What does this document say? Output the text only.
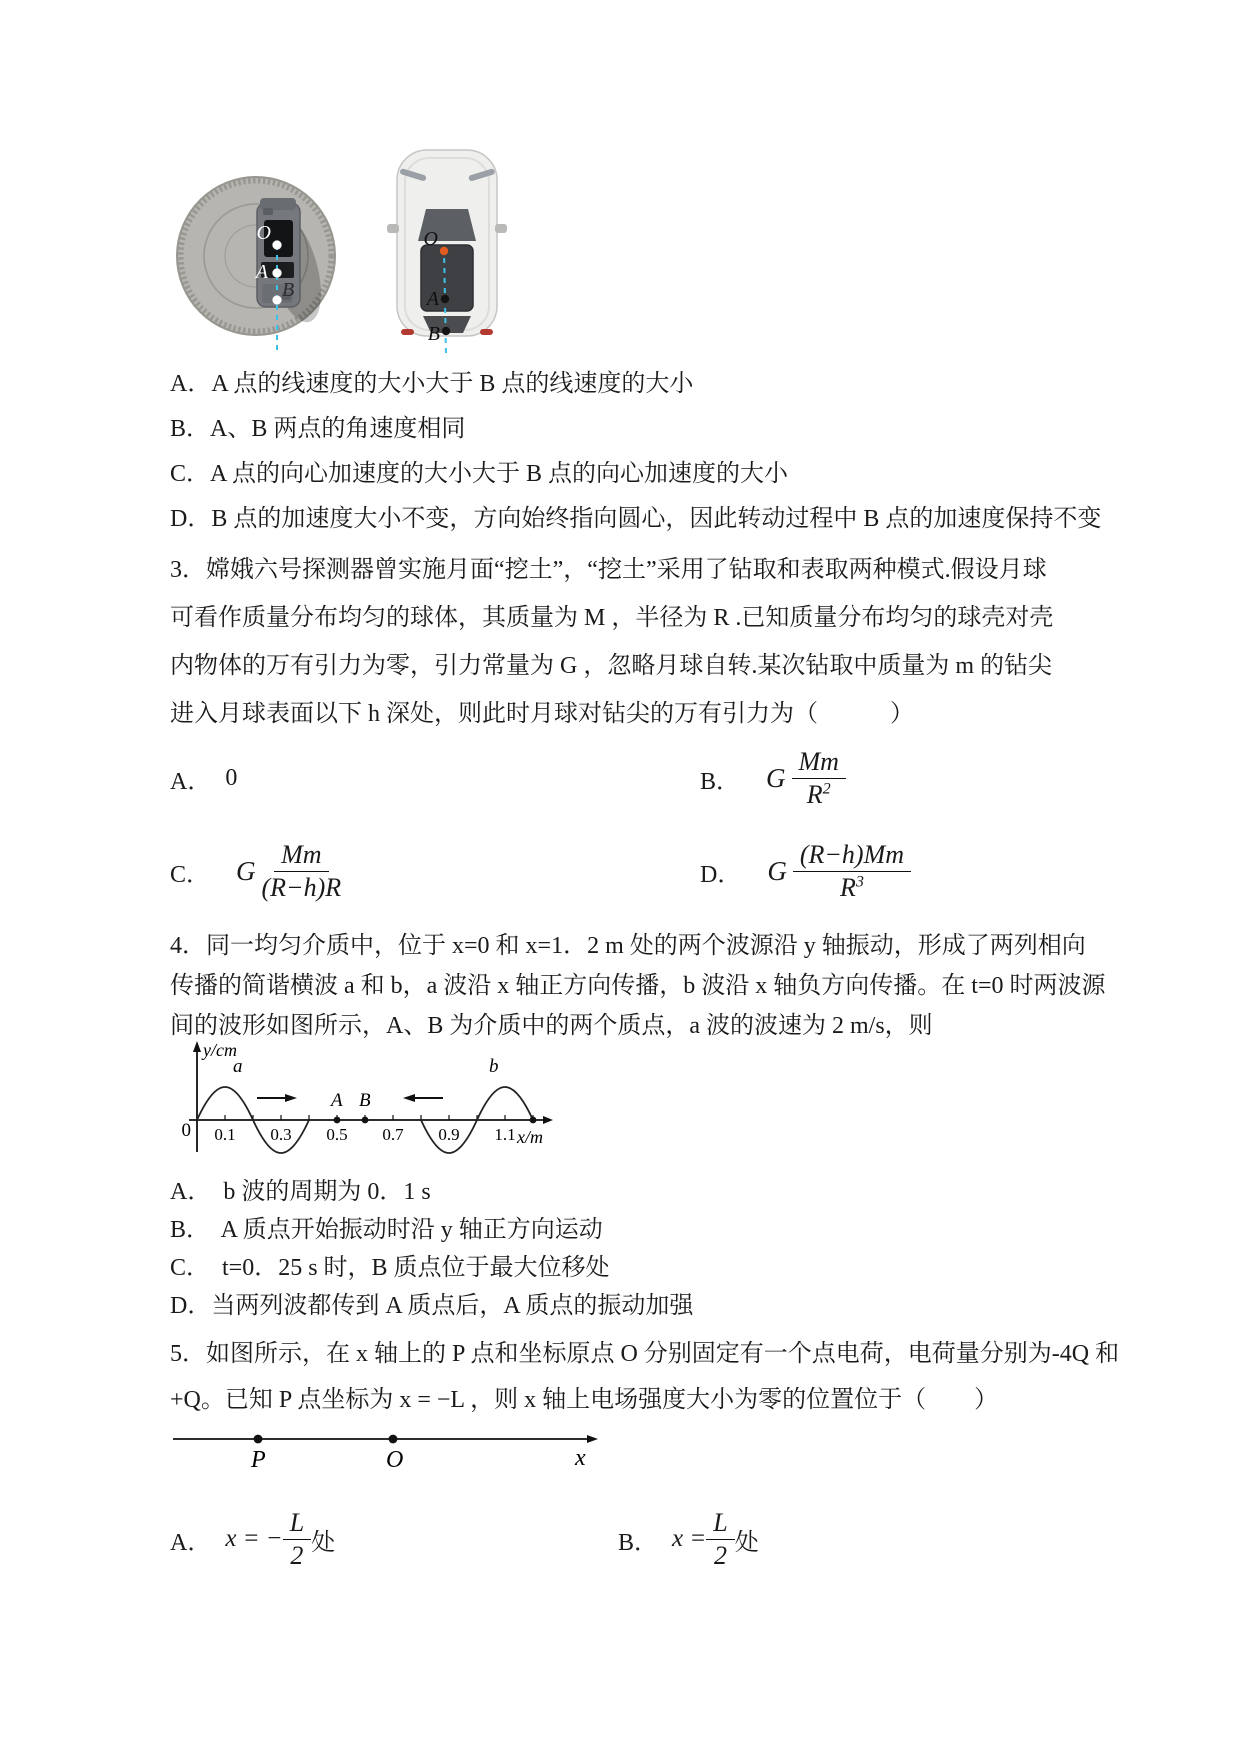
O
A
B
O
A
B
A．A 点的线速度的大小大于 B 点的线速度的大小
B．A、B 两点的角速度相同
C．A 点的向心加速度的大小大于 B 点的向心加速度的大小
D．B 点的加速度大小不变，方向始终指向圆心，因此转动过程中 B 点的加速度保持不变
3．嫦娥六号探测器曾实施月面“挖土”，“挖土”采用了钻取和表取两种模式.假设月球
可看作质量分布均匀的球体，其质量为 M ，半径为 R .已知质量分布均匀的球壳对壳
内物体的万有引力为零，引力常量为 G ，忽略月球自转.某次钻取中质量为 m 的钻尖
进入月球表面以下 h 深处，则此时月球对钻尖的万有引力为（　　　）
A． 0	B． G $\frac{Mm}{R^2}$
C． G $\frac{Mm}{(R-h)R}$	D． G $\frac{(R-h)Mm}{R^3}$
4．同一均匀介质中，位于 x=0 和 x=1．2 m 处的两个波源沿 y 轴振动，形成了两列相向
传播的简谐横波 a 和 b，a 波沿 x 轴正方向传播，b 波沿 x 轴负方向传播。在 t=0 时两波源
间的波形如图所示，A、B 为介质中的两个质点，a 波的波速为 2 m/s，则
y/cm
x/m
0
a	b
A B
0.1 0.3 0.5 0.7 0.9 1.1
A．  b 波的周期为 0．1 s
B．  A 质点开始振动时沿 y 轴正方向运动
C．  t=0．25 s 时，B 质点位于最大位移处
D．当两列波都传到 A 质点后，A 质点的振动加强
5．如图所示，在 x 轴上的 P 点和坐标原点 O 分别固定有一个点电荷，电荷量分别为-4Q 和
+Q。已知 P 点坐标为 x = −L ，则 x 轴上电场强度大小为零的位置位于（　　）
P	O	x
A． x = − $\frac{L}{2}$ 处	B． $x = \frac{L}{2}$ 处
